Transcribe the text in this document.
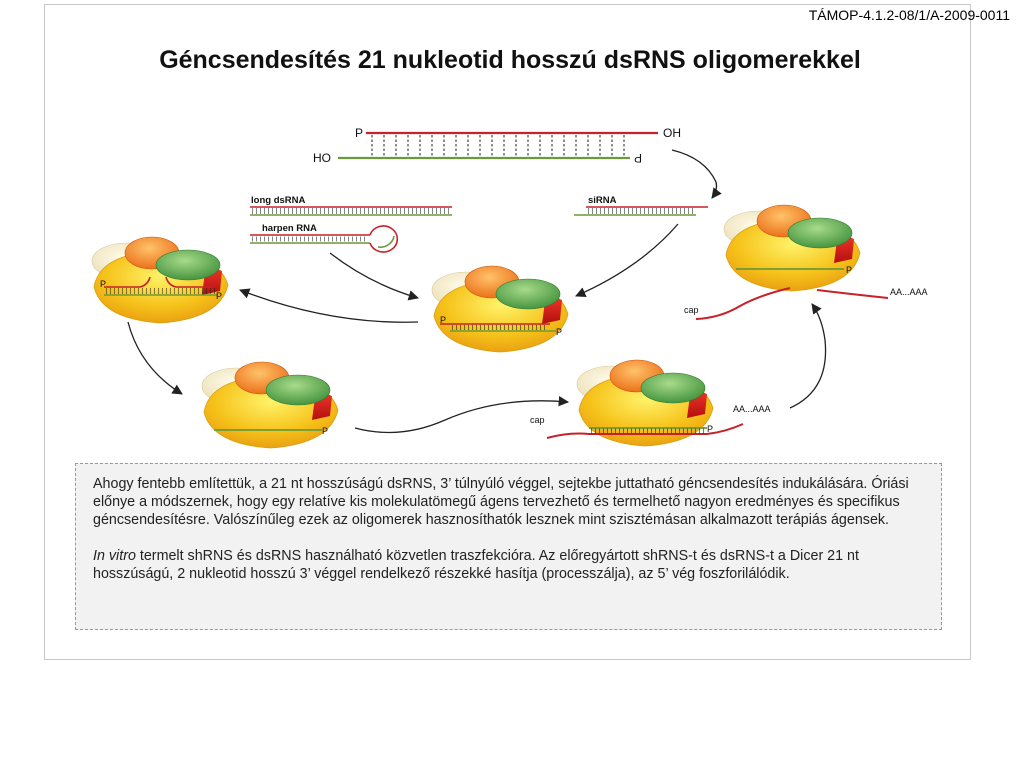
TÁMOP-4.1.2-08/1/A-2009-0011
Géncsendesítés 21 nukleotid hosszú dsRNS oligomerekkel
P	OH
HO	P
long dsRNA
harpen RNA
siRNA
P
P
P
P
P	P
cap
AA...AAA
P
cap
AA...AAA

Ahogy fentebb említettük, a 21 nt hosszúságú dsRNS, 3’ túlnyúló véggel, sejtekbe juttatható géncsendesítés indukálására. Óriási előnye a módszernek, hogy egy relatíve kis molekulatömegű ágens tervezhető és termelhető nagyon eredményes és specifikus géncsendesítésre. Valószínűleg ezek az oligomerek hasznosíthatók lesznek mint szisztémásan alkalmazott terápiás ágensek.

In vitro termelt shRNS és dsRNS használható közvetlen traszfekcióra. Az előregyártott shRNS-t és dsRNS-t a Dicer 21 nt hosszúságú, 2 nukleotid hosszú 3’ véggel rendelkező részekké hasítja (processzálja), az 5’ vég foszforilálódik.
